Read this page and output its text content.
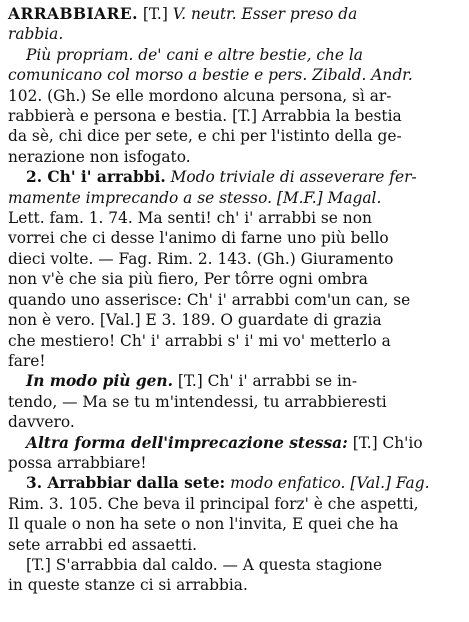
ARRABBIARE. [T.] V. neutr. Esser preso da
rabbia.
Più propriam. de' cani e altre bestie, che la
comunicano col morso a bestie e pers. Zibald. Andr.
102. (Gh.) Se elle mordono alcuna persona, sì ar-
rabbierà e persona e bestia. [T.] Arrabbia la bestia
da sè, chi dice per sete, e chi per l'istinto della ge-
nerazione non isfogato.
2. Ch' i' arrabbi. Modo triviale di asseverare fer-
mamente imprecando a se stesso. [M.F.] Magal.
Lett. fam. 1. 74. Ma senti! ch' i' arrabbi se non
vorrei che ci desse l'animo di farne uno più bello
dieci volte. — Fag. Rim. 2. 143. (Gh.) Giuramento
non v'è che sia più fiero, Per tôrre ogni ombra
quando uno asserisce: Ch' i' arrabbi com'un can, se
non è vero. [Val.] E 3. 189. O guardate di grazia
che mestiero! Ch' i' arrabbi s' i' mi vo' metterlo a
fare!
In modo più gen. [T.] Ch' i' arrabbi se in-
tendo, — Ma se tu m'intendessi, tu arrabbieresti
davvero.
Altra forma dell'imprecazione stessa: [T.] Ch'io
possa arrabbiare!
3. Arrabbiar dalla sete: modo enfatico. [Val.] Fag.
Rim. 3. 105. Che beva il principal forz' è che aspetti,
Il quale o non ha sete o non l'invita, E quei che ha
sete arrabbi ed assaetti.
[T.] S'arrabbia dal caldo. — A questa stagione
in queste stanze ci si arrabbia.
